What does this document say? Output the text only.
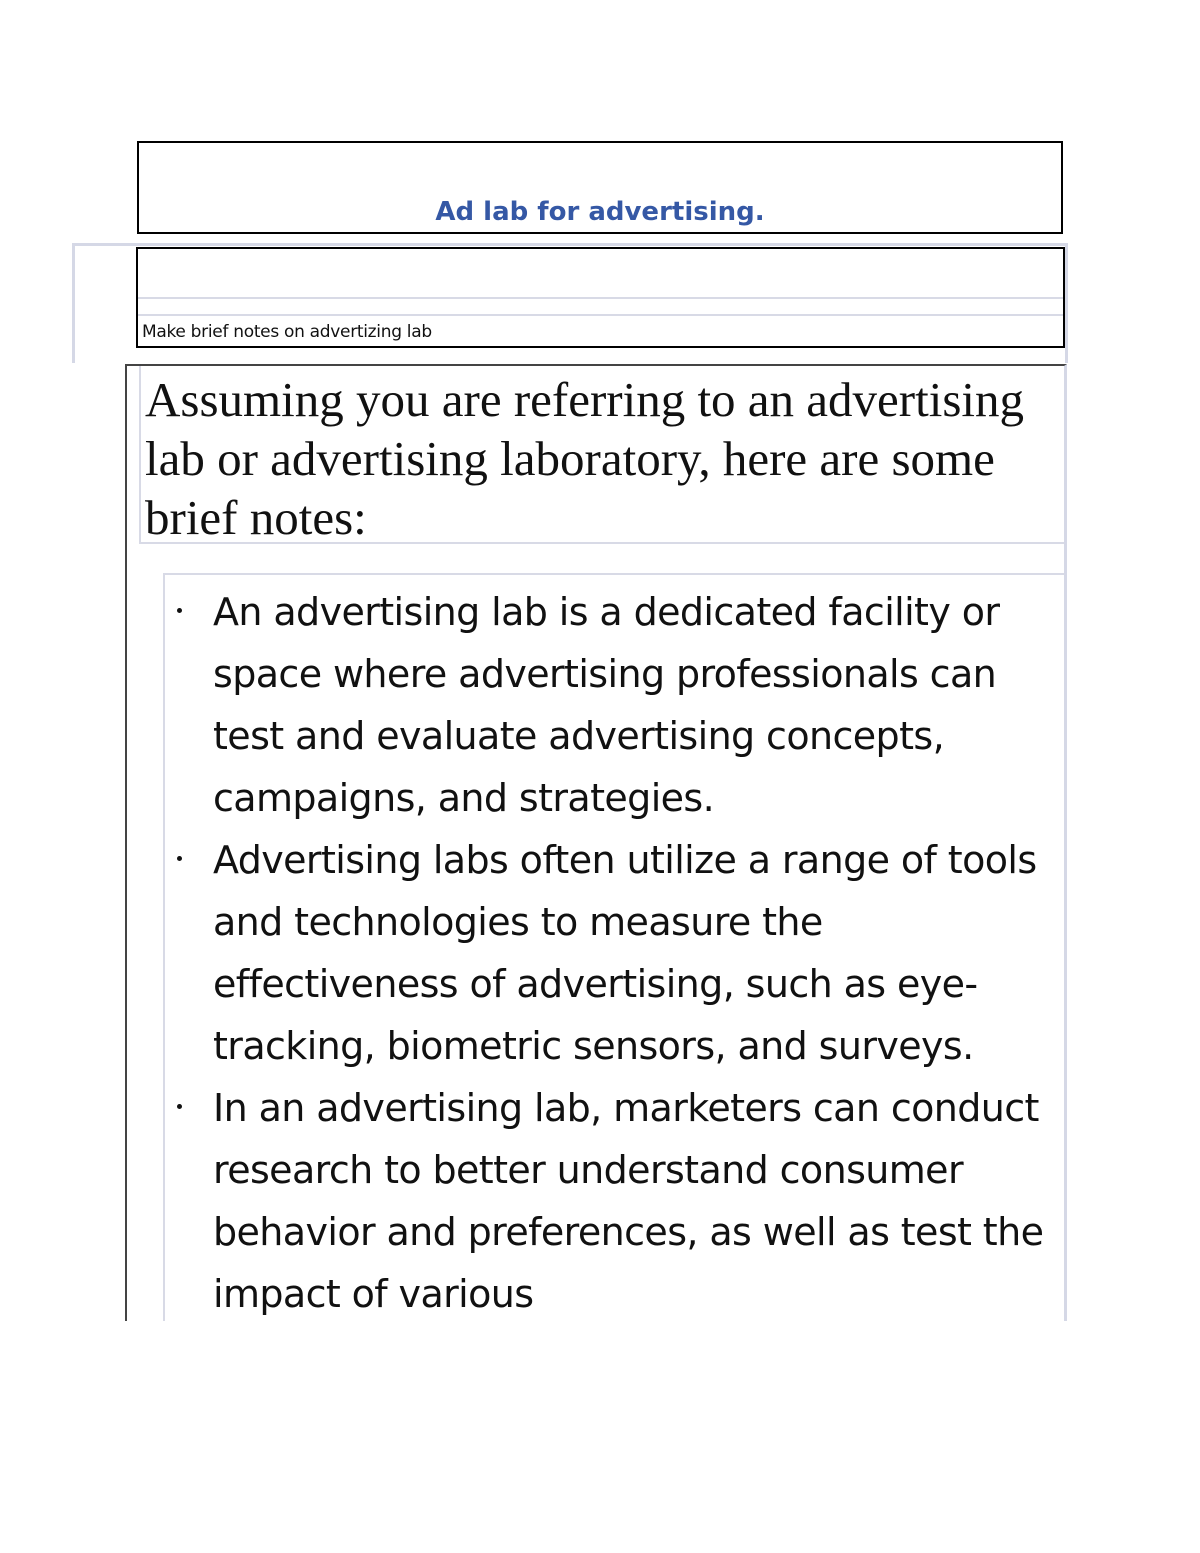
Ad lab for advertising.
Make brief notes on advertizing lab

Assuming you are referring to an advertising lab or advertising laboratory, here are some brief notes:

An advertising lab is a dedicated facility or space where advertising professionals can test and evaluate advertising concepts, campaigns, and strategies.
Advertising labs often utilize a range of tools and technologies to measure the effectiveness of advertising, such as eye-tracking, biometric sensors, and surveys.
In an advertising lab, marketers can conduct research to better understand consumer behavior and preferences, as well as test the impact of various
